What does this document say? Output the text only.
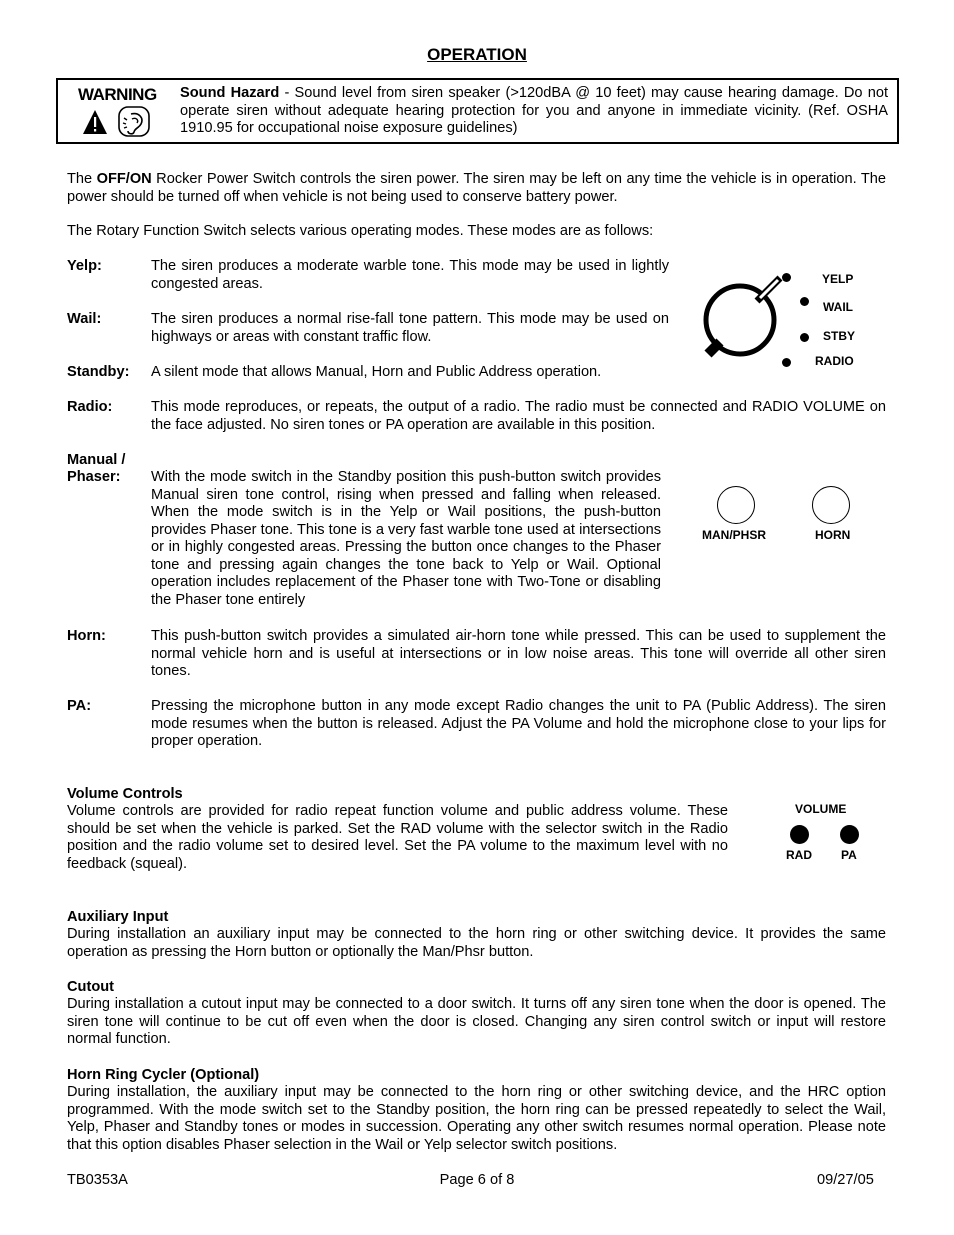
OPERATION
WARNING Sound Hazard - Sound level from siren speaker (>120dBA @ 10 feet) may cause hearing damage. Do not operate siren without adequate hearing protection for you and anyone in immediate vicinity. (Ref. OSHA 1910.95 for occupational noise exposure guidelines)
The OFF/ON Rocker Power Switch controls the siren power. The siren may be left on any time the vehicle is in operation. The power should be turned off when vehicle is not being used to conserve battery power.
The Rotary Function Switch selects various operating modes. These modes are as follows:
Yelp:	The siren produces a moderate warble tone. This mode may be used in lightly congested areas.
Wail:	The siren produces a normal rise-fall tone pattern. This mode may be used on highways or areas with constant traffic flow.
Standby: A silent mode that allows Manual, Horn and Public Address operation.
YELP
WAIL
STBY
RADIO
Radio:	This mode reproduces, or repeats, the output of a radio. The radio must be connected and RADIO VOLUME on the face adjusted. No siren tones or PA operation are available in this position.
Manual /
Phaser: With the mode switch in the Standby position this push-button switch provides Manual siren tone control, rising when pressed and falling when released. When the mode switch is in the Yelp or Wail positions, the push-button provides Phaser tone. This tone is a very fast warble tone used at intersections or in highly congested areas. Pressing the button once changes to the Phaser tone and pressing again changes the tone back to Yelp or Wail. Optional operation includes replacement of the Phaser tone with Two-Tone or disabling the Phaser tone entirely
MAN/PHSR	HORN
Horn:	This push-button switch provides a simulated air-horn tone while pressed. This can be used to supplement the normal vehicle horn and is useful at intersections or in low noise areas. This tone will override all other siren tones.
PA:	Pressing the microphone button in any mode except Radio changes the unit to PA (Public Address). The siren mode resumes when the button is released. Adjust the PA Volume and hold the microphone close to your lips for proper operation.
Volume Controls
Volume controls are provided for radio repeat function volume and public address volume. These should be set when the vehicle is parked. Set the RAD volume with the selector switch in the Radio position and the radio volume set to desired level. Set the PA volume to the maximum level with no feedback (squeal).
VOLUME
RAD PA
Auxiliary Input
During installation an auxiliary input may be connected to the horn ring or other switching device. It provides the same operation as pressing the Horn button or optionally the Man/Phsr button.
Cutout
During installation a cutout input may be connected to a door switch. It turns off any siren tone when the door is opened. The siren tone will continue to be cut off even when the door is closed. Changing any siren control switch or input will restore normal function.
Horn Ring Cycler (Optional)
During installation, the auxiliary input may be connected to the horn ring or other switching device, and the HRC option programmed. With the mode switch set to the Standby position, the horn ring can be pressed repeatedly to select the Wail, Yelp, Phaser and Standby tones or modes in succession. Operating any other switch resumes normal operation. Please note that this option disables Phaser selection in the Wail or Yelp selector switch positions.
TB0353A	Page 6 of 8	09/27/05
